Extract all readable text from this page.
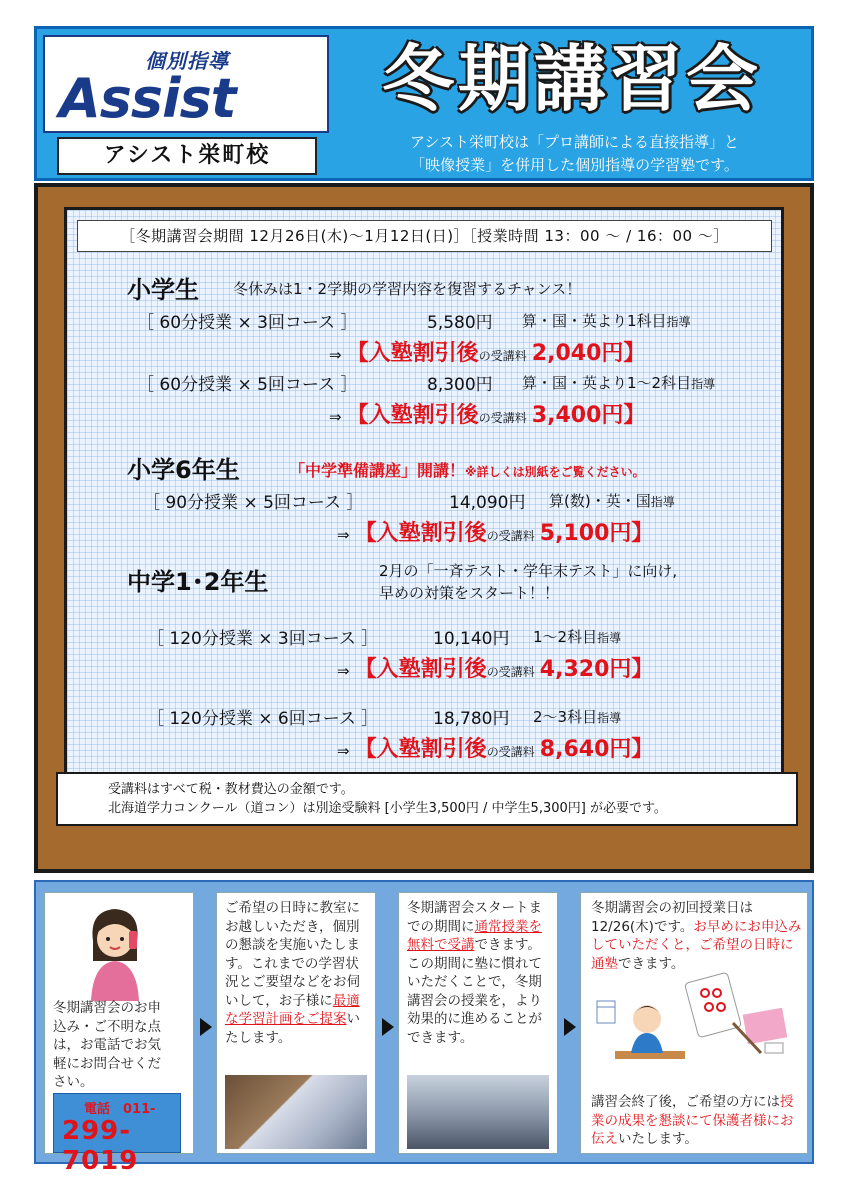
個別指導
Assist
アシスト栄町校
冬期講習会
アシスト栄町校は「プロ講師による直接指導」と
「映像授業」を併用した個別指導の学習塾です。
［冬期講習会期間 12月26日(木)～1月12日(日)］［授業時間 13：00 ～ / 16：00 ～］
小学生 冬休みは1・2学期の学習内容を復習するチャンス！
［ 60分授業 × 3回コース ］	5,580円 算・国・英より1科目指導
⇒ 【入塾割引後の受講料 2,040円】
［ 60分授業 × 5回コース ］	8,300円 算・国・英より1～2科目指導
⇒ 【入塾割引後の受講料 3,400円】
小学6年生	「中学準備講座」開講！※詳しくは別紙をご覧ください。
［ 90分授業 × 5回コース ］	14,090円 算(数)・英・国指導
⇒ 【入塾割引後の受講料 5,100円】
中学1･2年生	2月の「一斉テスト・学年末テスト」に向け,
早めの対策をスタート！！
［ 120分授業 × 3回コース ］	10,140円 1～2科目指導
⇒ 【入塾割引後の受講料 4,320円】
［ 120分授業 × 6回コース ］	18,780円 2～3科目指導
⇒ 【入塾割引後の受講料 8,640円】
受講料はすべて税・教材費込の金額です。
北海道学力コンクール（道コン）は別途受験料 [小学生3,500円 / 中学生5,300円] が必要です。
冬期講習会のお申
込み・ご不明な点
は，お電話でお気
軽にお問合せくだ
さい。
電話　011-
299-7019
ご希望の日時に教室にお越しいただき，個別の懇談を実施いたします。これまでの学習状況とご要望などをお伺いして，お子様に最適な学習計画をご提案いたします。
冬期講習会スタートまでの期間に通常授業を無料で受講できます。この期間に塾に慣れていただくことで，冬期講習会の授業を，より効果的に進めることができます。
冬期講習会の初回授業日は12/26(木)です。お早めにお申込みしていただくと，ご希望の日時に通塾できます。
講習会終了後，ご希望の方には授業の成果を懇談にて保護者様にお伝えいたします。
